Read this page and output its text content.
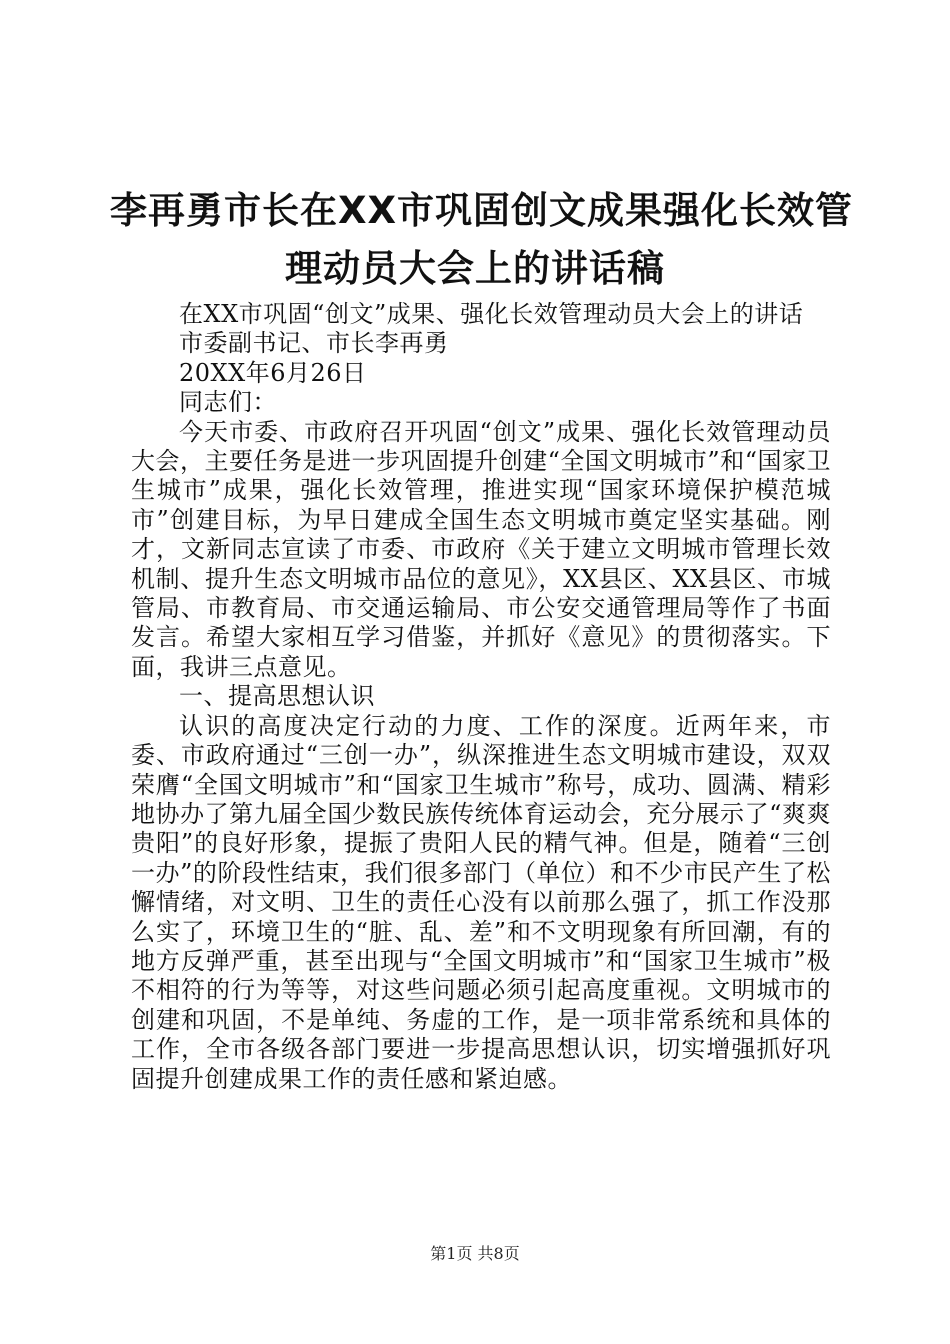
李再勇市长在XX市巩固创文成果强化长效管
理动员大会上的讲话稿

在XX市巩固“创文”成果、强化长效管理动员大会上的讲话

市委副书记、市长李再勇

20XX年6月26日

同志们：

今天市委、市政府召开巩固“创文”成果、强化长效管理动员大会，主要任务是进一步巩固提升创建“全国文明城市”和“国家卫生城市”成果，强化长效管理，推进实现“国家环境保护模范城市”创建目标，为早日建成全国生态文明城市奠定坚实基础。刚才，文新同志宣读了市委、市政府《关于建立文明城市管理长效机制、提升生态文明城市品位的意见》，XX县区、XX县区、市城管局、市教育局、市交通运输局、市公安交通管理局等作了书面发言。希望大家相互学习借鉴，并抓好《意见》的贯彻落实。下面，我讲三点意见。

一、提高思想认识

认识的高度决定行动的力度、工作的深度。近两年来，市委、市政府通过“三创一办”，纵深推进生态文明城市建设，双双荣膺“全国文明城市”和“国家卫生城市”称号，成功、圆满、精彩地协办了第九届全国少数民族传统体育运动会，充分展示了“爽爽贵阳”的良好形象，提振了贵阳人民的精气神。但是，随着“三创一办”的阶段性结束，我们很多部门（单位）和不少市民产生了松懈情绪，对文明、卫生的责任心没有以前那么强了，抓工作没那么实了，环境卫生的“脏、乱、差”和不文明现象有所回潮，有的地方反弹严重，甚至出现与“全国文明城市”和“国家卫生城市”极不相符的行为等等，对这些问题必须引起高度重视。文明城市的创建和巩固，不是单纯、务虚的工作，是一项非常系统和具体的工作，全市各级各部门要进一步提高思想认识，切实增强抓好巩固提升创建成果工作的责任感和紧迫感。

第1页 共8页
